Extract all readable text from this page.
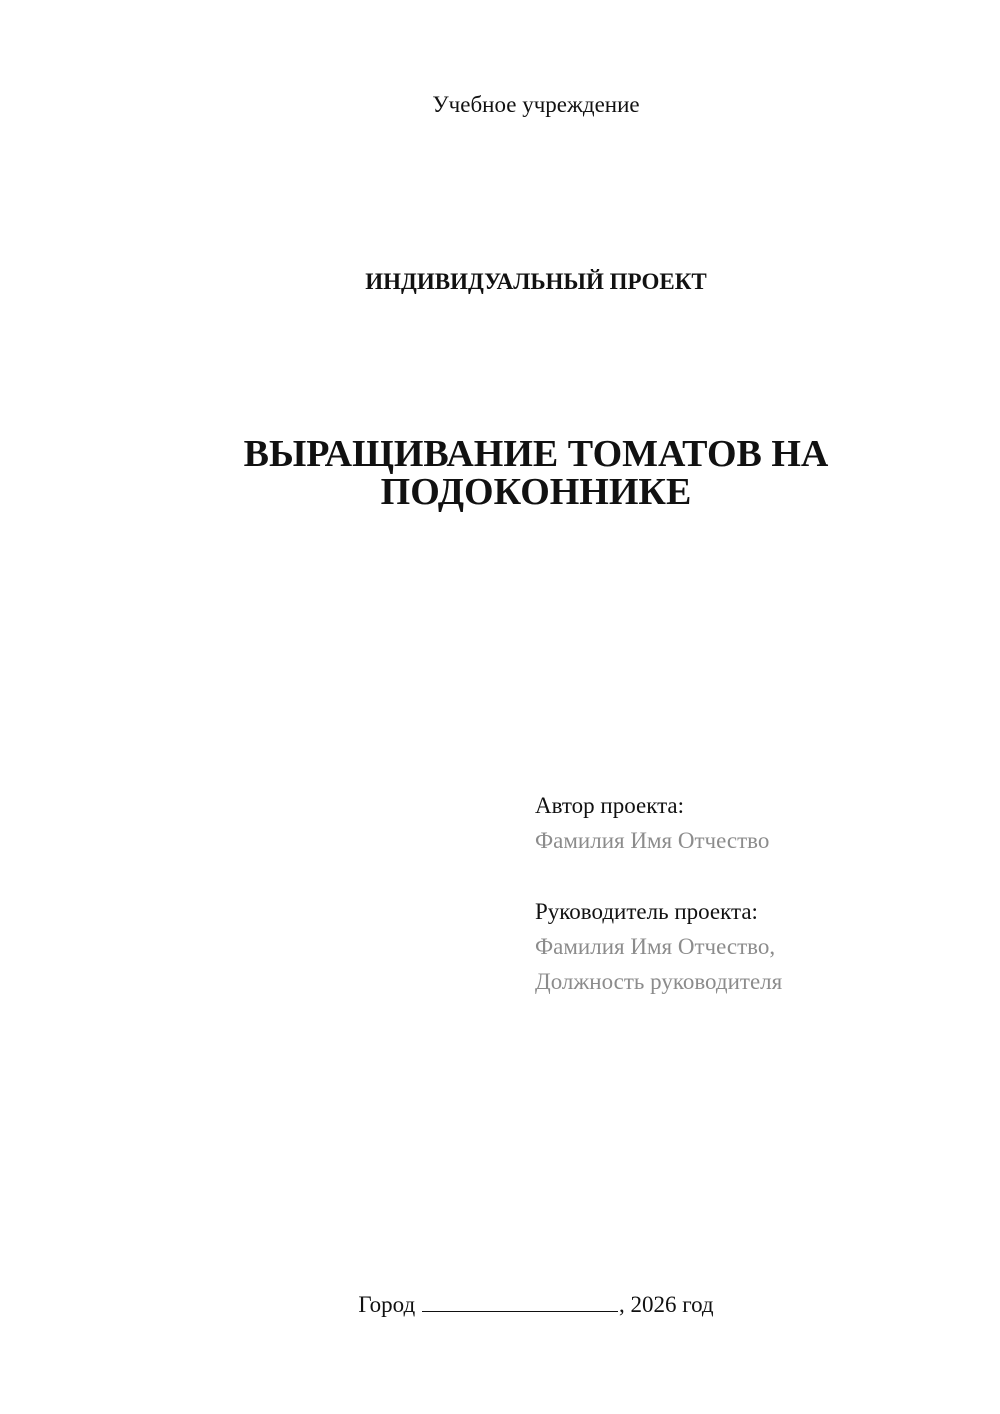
Учебное учреждение
ИНДИВИДУАЛЬНЫЙ ПРОЕКТ
ВЫРАЩИВАНИЕ ТОМАТОВ НА
ПОДОКОННИКЕ
Автор проекта:
Фамилия Имя Отчество
Руководитель проекта:
Фамилия Имя Отчество,
Должность руководителя
Город	, 2026 год
